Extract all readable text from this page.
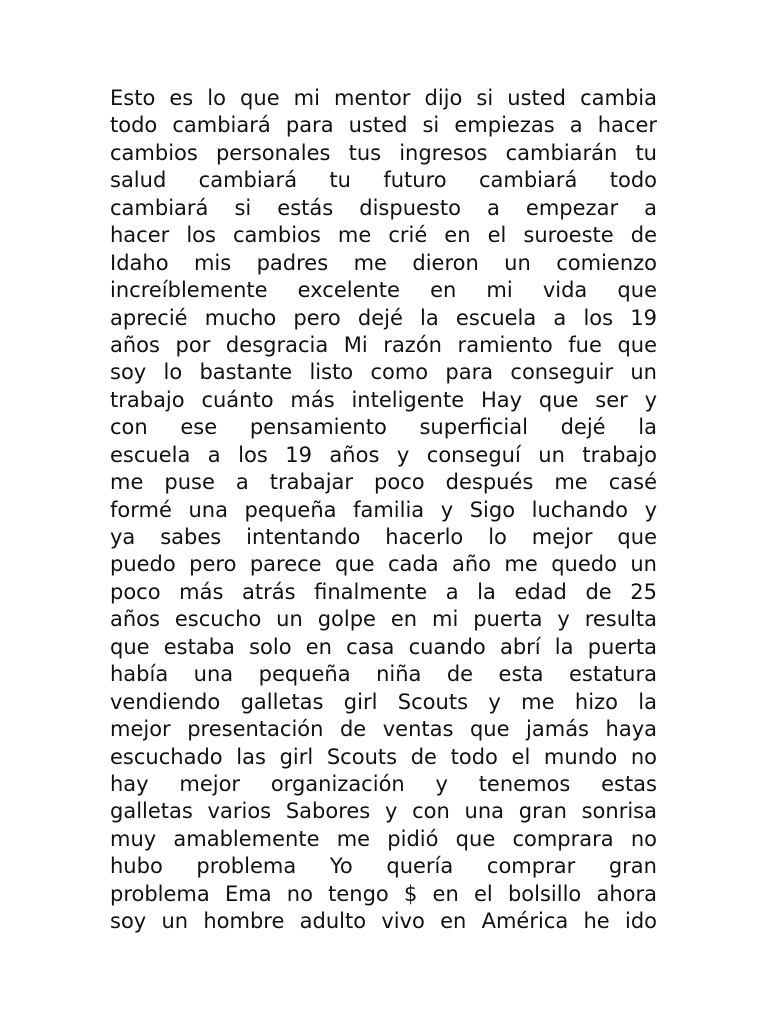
Esto es lo que mi mentor dijo si usted cambia
todo cambiará para usted si empiezas a hacer
cambios personales tus ingresos cambiarán tu
salud cambiará tu futuro cambiará todo
cambiará si estás dispuesto a empezar a
hacer los cambios me crié en el suroeste de
Idaho mis padres me dieron un comienzo
increíblemente excelente en mi vida que
aprecié mucho pero dejé la escuela a los 19
años por desgracia Mi razón ramiento fue que
soy lo bastante listo como para conseguir un
trabajo cuánto más inteligente Hay que ser y
con ese pensamiento superficial dejé la
escuela a los 19 años y conseguí un trabajo
me puse a trabajar poco después me casé
formé una pequeña familia y Sigo luchando y
ya sabes intentando hacerlo lo mejor que
puedo pero parece que cada año me quedo un
poco más atrás finalmente a la edad de 25
años escucho un golpe en mi puerta y resulta
que estaba solo en casa cuando abrí la puerta
había una pequeña niña de esta estatura
vendiendo galletas girl Scouts y me hizo la
mejor presentación de ventas que jamás haya
escuchado las girl Scouts de todo el mundo no
hay mejor organización y tenemos estas
galletas varios Sabores y con una gran sonrisa
muy amablemente me pidió que comprara no
hubo problema Yo quería comprar gran
problema Ema no tengo $ en el bolsillo ahora
soy un hombre adulto vivo en América he ido
